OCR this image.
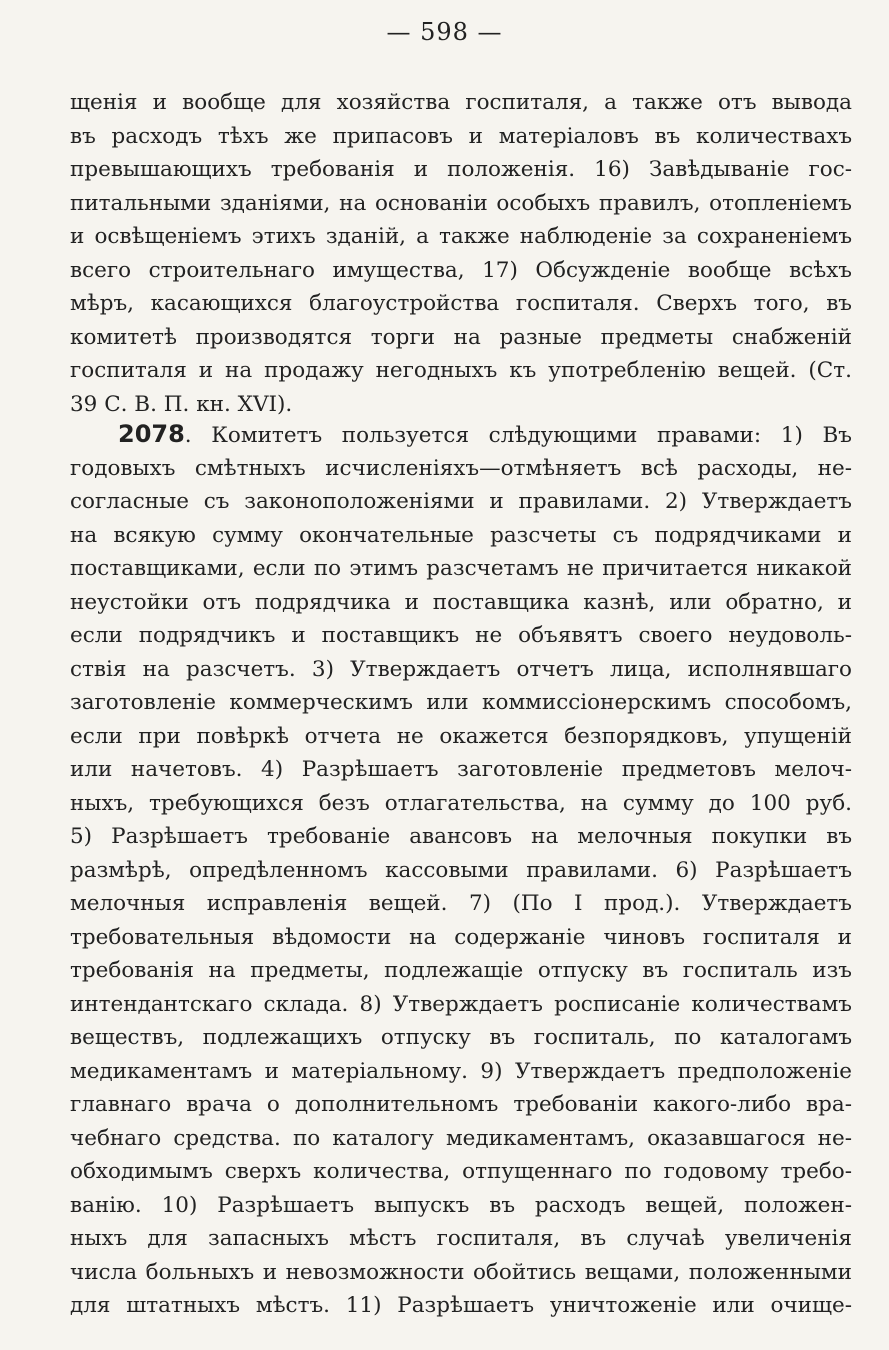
— 598 —
щенія и вообще для хозяйства госпиталя, а также отъ вывода
въ расходъ тѣхъ же припасовъ и матеріаловъ въ количествахъ
превышающихъ требованія и положенія. 16) Завѣдываніе гос-
питальными зданіями, на основаніи особыхъ правилъ, отопленіемъ
и освѣщеніемъ этихъ зданій, а также наблюденіе за сохраненіемъ
всего строительнаго имущества, 17) Обсужденіе вообще всѣхъ
мѣръ, касающихся благоустройства госпиталя. Сверхъ того, въ
комитетѣ производятся торги на разные предметы снабженій
госпиталя и на продажу негодныхъ къ употребленію вещей. (Ст.
39 С. В. П. кн. XVI).
2078. Комитетъ пользуется слѣдующими правами: 1) Въ
годовыхъ смѣтныхъ исчисленіяхъ—отмѣняетъ всѣ расходы, не-
согласные съ законоположеніями и правилами. 2) Утверждаетъ
на всякую сумму окончательные разсчеты съ подрядчиками и
поставщиками, если по этимъ разсчетамъ не причитается никакой
неустойки отъ подрядчика и поставщика казнѣ, или обратно, и
если подрядчикъ и поставщикъ не объявятъ своего неудоволь-
ствія на разсчетъ. 3) Утверждаетъ отчетъ лица, исполнявшаго
заготовленіе коммерческимъ или коммиссіонерскимъ способомъ,
если при повѣркѣ отчета не окажется безпорядковъ, упущеній
или начетовъ. 4) Разрѣшаетъ заготовленіе предметовъ мелоч-
ныхъ, требующихся безъ отлагательства, на сумму до 100 руб.
5) Разрѣшаетъ требованіе авансовъ на мелочныя покупки въ
размѣрѣ, опредѣленномъ кассовыми правилами. 6) Разрѣшаетъ
мелочныя исправленія вещей. 7) (По I прод.). Утверждаетъ
требовательныя вѣдомости на содержаніе чиновъ госпиталя и
требованія на предметы, подлежащіе отпуску въ госпиталь изъ
интендантскаго склада. 8) Утверждаетъ росписаніе количествамъ
веществъ, подлежащихъ отпуску въ госпиталь, по каталогамъ
медикаментамъ и матеріальному. 9) Утверждаетъ предположеніе
главнаго врача о дополнительномъ требованіи какого-либо вра-
чебнаго средства. по каталогу медикаментамъ, оказавшагося не-
обходимымъ сверхъ количества, отпущеннаго по годовому требо-
ванію. 10) Разрѣшаетъ выпускъ въ расходъ вещей, положен-
ныхъ для запасныхъ мѣстъ госпиталя, въ случаѣ увеличенія
числа больныхъ и невозможности обойтись вещами, положенными
для штатныхъ мѣстъ. 11) Разрѣшаетъ уничтоженіе или очище-
